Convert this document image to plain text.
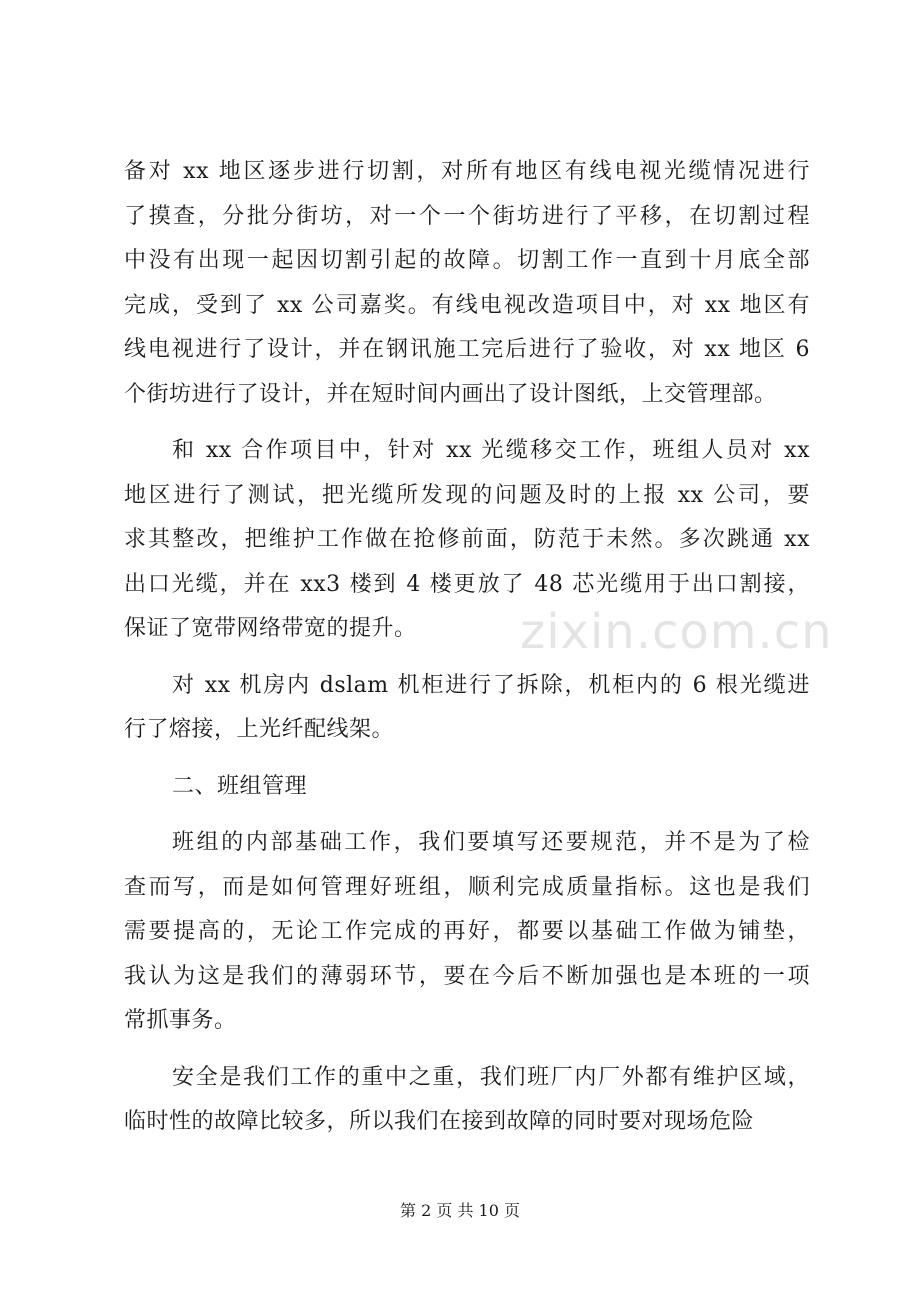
备对 xx 地区逐步进行切割，对所有地区有线电视光缆情况进行
了摸查，分批分街坊，对一个一个街坊进行了平移，在切割过程
中没有出现一起因切割引起的故障。切割工作一直到十月底全部
完成，受到了 xx 公司嘉奖。有线电视改造项目中，对 xx 地区有
线电视进行了设计，并在钢讯施工完后进行了验收，对 xx 地区 6
个街坊进行了设计，并在短时间内画出了设计图纸，上交管理部。
和 xx 合作项目中，针对 xx 光缆移交工作，班组人员对 xx
地区进行了测试，把光缆所发现的问题及时的上报 xx 公司，要
求其整改，把维护工作做在抢修前面，防范于未然。多次跳通 xx
出口光缆，并在 xx3 楼到 4 楼更放了 48 芯光缆用于出口割接，
保证了宽带网络带宽的提升。
对 xx 机房内 dslam 机柜进行了拆除，机柜内的 6 根光缆进
行了熔接，上光纤配线架。
二、班组管理
班组的内部基础工作，我们要填写还要规范，并不是为了检
查而写，而是如何管理好班组，顺利完成质量指标。这也是我们
需要提高的，无论工作完成的再好，都要以基础工作做为铺垫，
我认为这是我们的薄弱环节，要在今后不断加强也是本班的一项
常抓事务。
安全是我们工作的重中之重，我们班厂内厂外都有维护区域，
临时性的故障比较多，所以我们在接到故障的同时要对现场危险
zixin.com.cn
第 2 页 共 10 页
